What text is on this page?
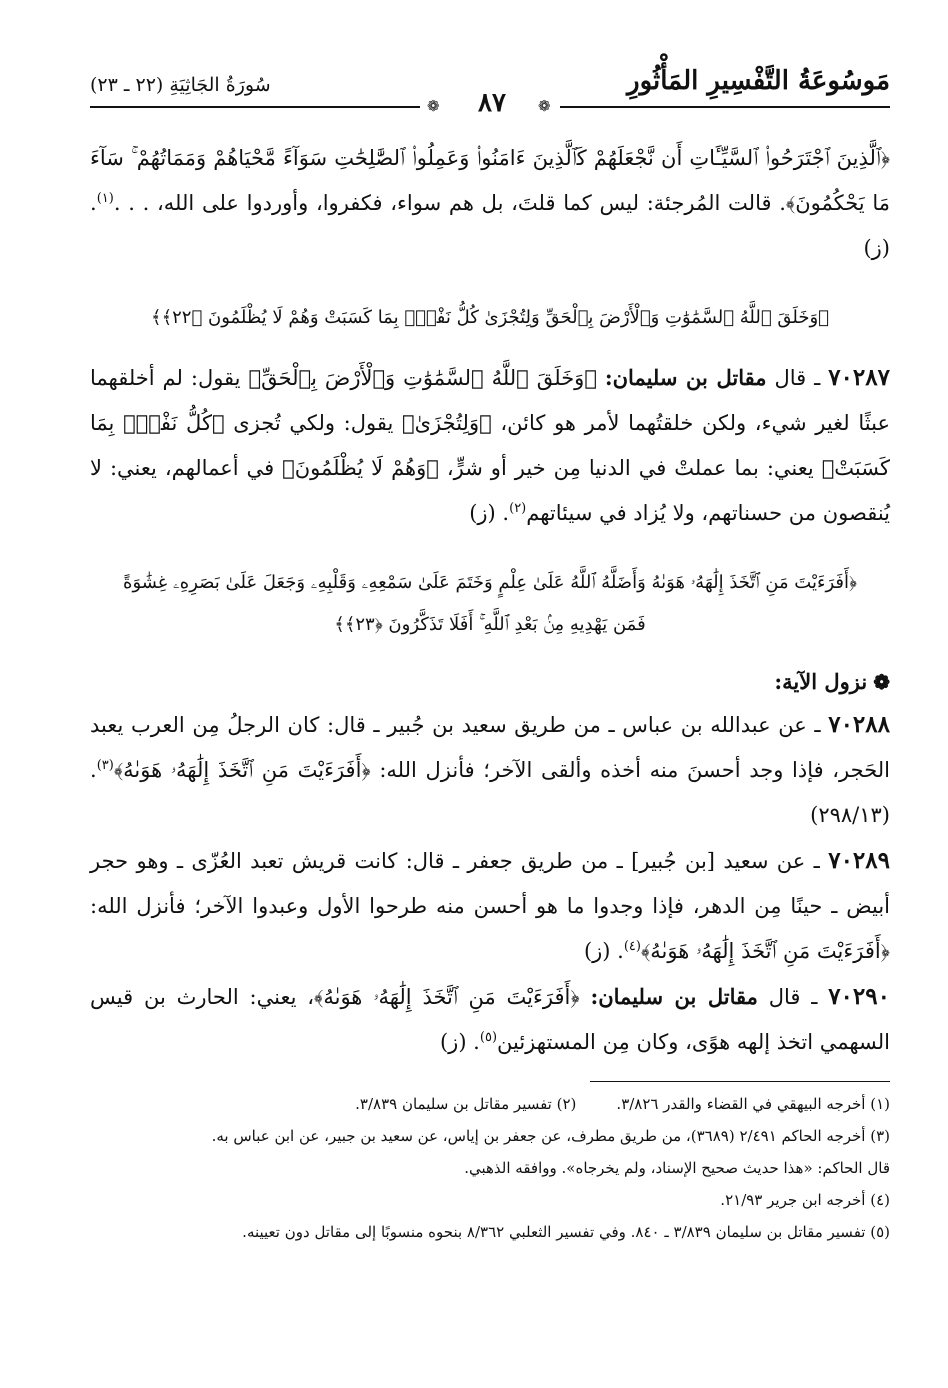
مَوسُوعَةُ التَّفْسِيرِ المَأْثُورِ
سُورَةُ الجَاثِيَةِ (٢٢ ـ ٢٣)
❁	٨٧	❁

﴿ٱلَّذِينَ ٱجْتَرَحُوا۟ ٱلسَّيِّـَٔاتِ أَن نَّجْعَلَهُمْ كَٱلَّذِينَ ءَامَنُوا۟ وَعَمِلُوا۟ ٱلصَّٰلِحَٰتِ سَوَآءً مَّحْيَاهُمْ وَمَمَاتُهُمْ ۚ سَآءَ مَا يَحْكُمُونَ﴾. قالت المُرجئة: ليس كما قلتَ، بل هم سواء، فكفروا، وأوردوا على الله، . . .$^{(١)}$. (ز)

﴿وَخَلَقَ ٱللَّهُ ٱلسَّمَٰوَٰتِ وَٱلْأَرْضَ بِٱلْحَقِّ وَلِتُجْزَىٰ كُلُّ نَفْسٍۭ بِمَا كَسَبَتْ وَهُمْ لَا يُظْلَمُونَ ﴿٢٢﴾﴾

٧٠٢٨٧ ـ قال مقاتل بن سليمان: ﴿وَخَلَقَ ٱللَّهُ ٱلسَّمَٰوَٰتِ وَٱلْأَرْضَ بِٱلْحَقِّ﴾ يقول: لم أخلقهما عبثًا لغير شيء، ولكن خلقتُهما لأمر هو كائن، ﴿وَلِتُجْزَىٰ﴾ يقول: ولكي تُجزى ﴿كُلُّ نَفْسٍۭ بِمَا كَسَبَتْ﴾ يعني: بما عملتْ في الدنيا مِن خير أو شرٍّ، ﴿وَهُمْ لَا يُظْلَمُونَ﴾ في أعمالهم، يعني: لا يُنقصون من حسناتهم، ولا يُزاد في سيئاتهم$^{(٢)}$. (ز)

﴿أَفَرَءَيْتَ مَنِ ٱتَّخَذَ إِلَٰهَهُۥ هَوَىٰهُ وَأَضَلَّهُ ٱللَّهُ عَلَىٰ عِلْمٍ وَخَتَمَ عَلَىٰ سَمْعِهِۦ وَقَلْبِهِۦ وَجَعَلَ عَلَىٰ بَصَرِهِۦ غِشَٰوَةً
فَمَن يَهْدِيهِ مِنۢ بَعْدِ ٱللَّهِ ۚ أَفَلَا تَذَكَّرُونَ ﴿٢٣﴾﴾

❁نزول الآية:

٧٠٢٨٨ ـ عن عبدالله بن عباس ـ من طريق سعيد بن جُبير ـ قال: كان الرجلُ مِن العرب يعبد الحَجر، فإذا وجد أحسنَ منه أخذه وألقى الآخر؛ فأنزل الله: ﴿أَفَرَءَيْتَ مَنِ ٱتَّخَذَ إِلَٰهَهُۥ هَوَىٰهُ﴾$^{(٣)}$. (٢٩٨/١٣)

٧٠٢٨٩ ـ عن سعيد [بن جُبير] ـ من طريق جعفر ـ قال: كانت قريش تعبد العُزّى ـ وهو حجر أبيض ـ حينًا مِن الدهر، فإذا وجدوا ما هو أحسن منه طرحوا الأول وعبدوا الآخر؛ فأنزل الله: ﴿أَفَرَءَيْتَ مَنِ ٱتَّخَذَ إِلَٰهَهُۥ هَوَىٰهُ﴾$^{(٤)}$. (ز)

٧٠٢٩٠ ـ قال مقاتل بن سليمان: ﴿أَفَرَءَيْتَ مَنِ ٱتَّخَذَ إِلَٰهَهُۥ هَوَىٰهُ﴾، يعني: الحارث بن قيس السهمي اتخذ إلهه هوًى، وكان مِن المستهزئين$^{(٥)}$. (ز)

(١) أخرجه البيهقي في القضاء والقدر ٣/٨٢٦.

(٢) تفسير مقاتل بن سليمان ٣/٨٣٩.

(٣) أخرجه الحاكم ٢/٤٩١ (٣٦٨٩)، من طريق مطرف، عن جعفر بن إياس، عن سعيد بن جبير، عن ابن عباس به.

قال الحاكم: «هذا حديث صحيح الإسناد، ولم يخرجاه». ووافقه الذهبي.

(٤) أخرجه ابن جرير ٢١/٩٣.

(٥) تفسير مقاتل بن سليمان ٣/٨٣٩ ـ ٨٤٠. وفي تفسير الثعلبي ٨/٣٦٢ بنحوه منسوبًا إلى مقاتل دون تعيينه.
